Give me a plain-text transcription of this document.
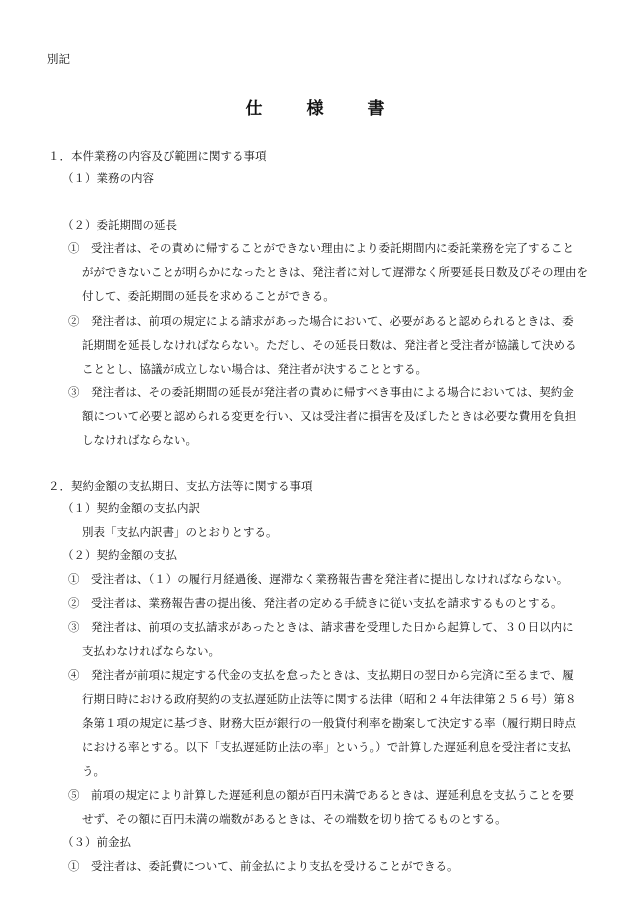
別記
仕	様	書
１．本件業務の内容及び範囲に関する事項
（１）業務の内容
（２）委託期間の延長
①　受注者は、その責めに帰することができない理由により委託期間内に委託業務を完了すること
がができないことが明らかになったときは、発注者に対して遅滞なく所要延長日数及びその理由を
付して、委託期間の延長を求めることができる。
②　発注者は、前項の規定による請求があった場合において、必要があると認められるときは、委
託期間を延長しなければならない。ただし、その延長日数は、発注者と受注者が協議して決める
こととし、協議が成立しない場合は、発注者が決することとする。
③　発注者は、その委託期間の延長が発注者の責めに帰すべき事由による場合においては、契約金
額について必要と認められる変更を行い、又は受注者に損害を及ぼしたときは必要な費用を負担
しなければならない。
２．契約金額の支払期日、支払方法等に関する事項
（１）契約金額の支払内訳
別表「支払内訳書」のとおりとする。
（２）契約金額の支払
①　受注者は、（１）の履行月経過後、遅滞なく業務報告書を発注者に提出しなければならない。
②　受注者は、業務報告書の提出後、発注者の定める手続きに従い支払を請求するものとする。
③　発注者は、前項の支払請求があったときは、請求書を受理した日から起算して、３０日以内に
支払わなければならない。
④　発注者が前項に規定する代金の支払を怠ったときは、支払期日の翌日から完済に至るまで、履
行期日時における政府契約の支払遅延防止法等に関する法律（昭和２４年法律第２５６号）第８
条第１項の規定に基づき、財務大臣が銀行の一般貸付利率を勘案して決定する率（履行期日時点
における率とする。以下「支払遅延防止法の率」という。）で計算した遅延利息を受注者に支払
う。
⑤　前項の規定により計算した遅延利息の額が百円未満であるときは、遅延利息を支払うことを要
せず、その額に百円未満の端数があるときは、その端数を切り捨てるものとする。
（３）前金払
①　受注者は、委託費について、前金払により支払を受けることができる。
